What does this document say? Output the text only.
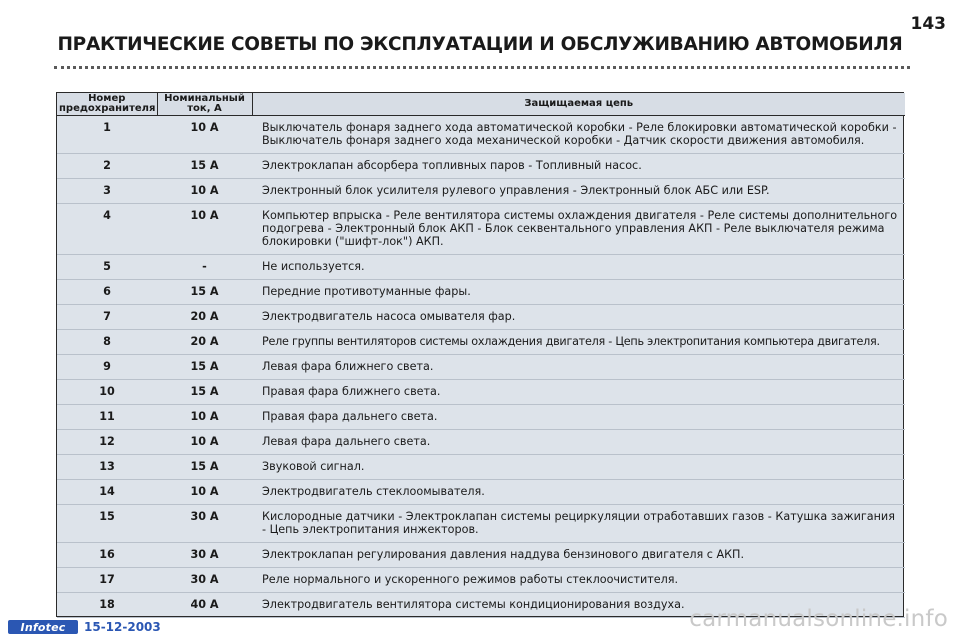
143
ПРАКТИЧЕСКИЕ СОВЕТЫ ПО ЭКСПЛУАТАЦИИ И ОБСЛУЖИВАНИЮ АВТОМОБИЛЯ
Номер предохранителя	Номинальный ток, А	Защищаемая цепь
1	10 A	Выключатель фонаря заднего хода автоматической коробки - Реле блокировки автоматической коробки - Выключатель фонаря заднего хода механической коробки - Датчик скорости движения автомобиля.
2	15 A	Электроклапан абсорбера топливных паров - Топливный насос.
3	10 A	Электронный блок усилителя рулевого управления - Электронный блок АБС или ESP.
4	10 A	Компьютер впрыска - Реле вентилятора системы охлаждения двигателя - Реле системы дополнительного подогрева - Электронный блок АКП - Блок секвентального управления АКП - Реле выключателя режима блокировки ("шифт-лок") АКП.
5	-	Не используется.
6	15 A	Передние противотуманные фары.
7	20 A	Электродвигатель насоса омывателя фар.
8	20 A	Реле группы вентиляторов системы охлаждения двигателя - Цепь электропитания компьютера двигателя.
9	15 A	Левая фара ближнего света.
10	15 A	Правая фара ближнего света.
11	10 A	Правая фара дальнего света.
12	10 A	Левая фара дальнего света.
13	15 A	Звуковой сигнал.
14	10 A	Электродвигатель стеклоомывателя.
15	30 A	Кислородные датчики - Электроклапан системы рециркуляции отработавших газов - Катушка зажигания - Цепь электропитания инжекторов.
16	30 A	Электроклапан регулирования давления наддува бензинового двигателя с АКП.
17	30 A	Реле нормального и ускоренного режимов работы стеклоочистителя.
18	40 A	Электродвигатель вентилятора системы кондиционирования воздуха.
Infotec 15-12-2003	carmanualsonline.info
